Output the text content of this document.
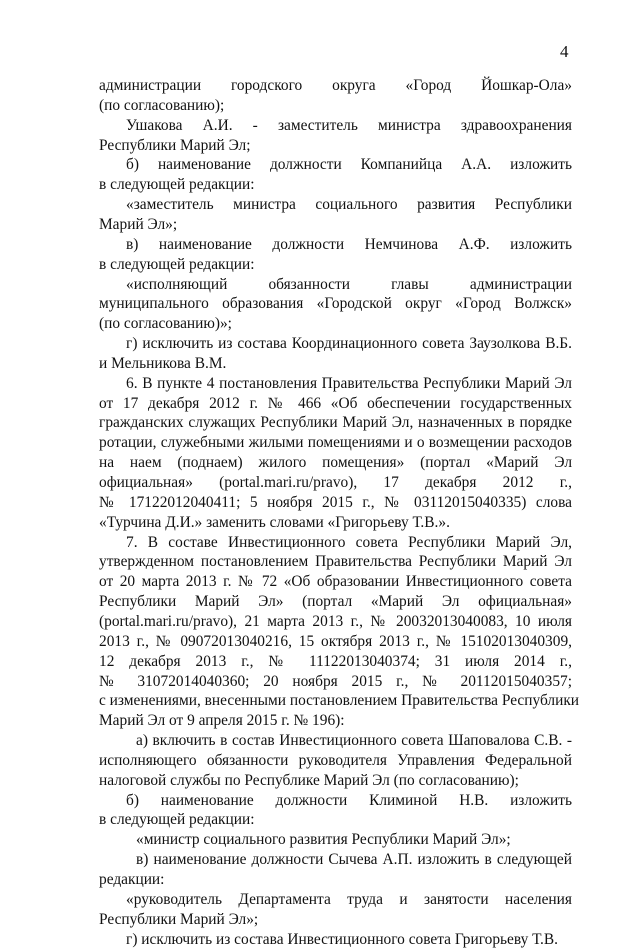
4
администрации городского округа «Город Йошкар-Ола»
(по согласованию);
Ушакова А.И. - заместитель министра здравоохранения
Республики Марий Эл;
б) наименование должности Компанийца А.А. изложить
в следующей редакции:
«заместитель министра социального развития Республики
Марий Эл»;
в) наименование должности Немчинова А.Ф. изложить
в следующей редакции:
«исполняющий обязанности главы администрации
муниципального образования «Городской округ «Город Волжск»
(по согласованию)»;
г) исключить из состава Координационного совета Заузолкова В.Б.
и Мельникова В.М.
6. В пункте 4 постановления Правительства Республики Марий Эл
от 17 декабря 2012 г. № 466 «Об обеспечении государственных
гражданских служащих Республики Марий Эл, назначенных в порядке
ротации, служебными жилыми помещениями и о возмещении расходов
на наем (поднаем) жилого помещения» (портал «Марий Эл
официальная» (portal.mari.ru/pravo), 17 декабря 2012 г.,
№ 17122012040411; 5 ноября 2015 г., № 03112015040335) слова
«Турчина Д.И.» заменить словами «Григорьеву Т.В.».
7. В составе Инвестиционного совета Республики Марий Эл,
утвержденном постановлением Правительства Республики Марий Эл
от 20 марта 2013 г. № 72 «Об образовании Инвестиционного совета
Республики Марий Эл» (портал «Марий Эл официальная»
(portal.mari.ru/pravo), 21 марта 2013 г., № 20032013040083, 10 июля
2013 г., № 09072013040216, 15 октября 2013 г., № 15102013040309,
12 декабря 2013 г., № 11122013040374; 31 июля 2014 г.,
№ 31072014040360; 20 ноября 2015 г., № 20112015040357;
с изменениями, внесенными постановлением Правительства Республики
Марий Эл от 9 апреля 2015 г. № 196):
а) включить в состав Инвестиционного совета Шаповалова С.В. -
исполняющего обязанности руководителя Управления Федеральной
налоговой службы по Республике Марий Эл (по согласованию);
б) наименование должности Климиной Н.В. изложить
в следующей редакции:
«министр социального развития Республики Марий Эл»;
в) наименование должности Сычева А.П. изложить в следующей
редакции:
«руководитель Департамента труда и занятости населения
Республики Марий Эл»;
г) исключить из состава Инвестиционного совета Григорьеву Т.В.
